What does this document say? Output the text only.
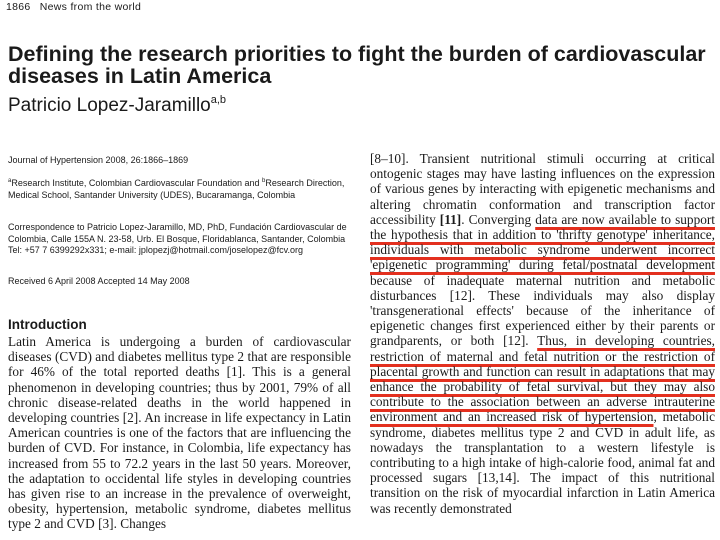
1866 News from the world
Defining the research priorities to fight the burden of cardiovascular diseases in Latin America
Patricio Lopez-Jaramillo$^{a,b}$
Journal of Hypertension 2008, 26:1866–1869
$^a$Research Institute, Colombian Cardiovascular Foundation and $^b$Research Direction, Medical School, Santander University (UDES), Bucaramanga, Colombia
Correspondence to Patricio Lopez-Jaramillo, MD, PhD, Fundación Cardiovascular de Colombia, Calle 155A N. 23-58, Urb. El Bosque, Floridablanca, Santander, Colombia
Tel: +57 7 6399292x331; e-mail: jplopezj@hotmail.com/joselopez@fcv.org
Received 6 April 2008 Accepted 14 May 2008
Introduction

Latin America is undergoing a burden of cardiovascular diseases (CVD) and diabetes mellitus type 2 that are responsible for 46% of the total reported deaths [1]. This is a general phenomenon in developing countries; thus by 2001, 79% of all chronic disease-related deaths in the world happened in developing countries [2]. An increase in life expectancy in Latin American countries is one of the factors that are influencing the burden of CVD. For instance, in Colombia, life expectancy has increased from 55 to 72.2 years in the last 50 years. Moreover, the adaptation to occidental life styles in developing countries has given rise to an increase in the prevalence of overweight, obesity, hypertension, metabolic syndrome, diabetes mellitus type 2 and CVD [3]. Changes

[8–10]. Transient nutritional stimuli occurring at critical ontogenic stages may have lasting influences on the expression of various genes by interacting with epigenetic mechanisms and altering chromatin conformation and transcription factor accessibility [11]. Converging data are now available to support the hypothesis that in addition to 'thrifty genotype' inheritance, individuals with metabolic syndrome underwent incorrect 'epigenetic programming' during fetal/postnatal development because of inadequate maternal nutrition and metabolic disturbances [12]. These individuals may also display 'transgenerational effects' because of the inheritance of epigenetic changes first experienced either by their parents or grandparents, or both [12]. Thus, in developing countries, restriction of maternal and fetal nutrition or the restriction of placental growth and function can result in adaptations that may enhance the probability of fetal survival, but they may also contribute to the association between an adverse intrauterine environment and an increased risk of hypertension, metabolic syndrome, diabetes mellitus type 2 and CVD in adult life, as nowadays the transplantation to a western lifestyle is contributing to a high intake of high-calorie food, animal fat and processed sugars [13,14]. The impact of this nutritional transition on the risk of myocardial infarction in Latin America was recently demonstrated
